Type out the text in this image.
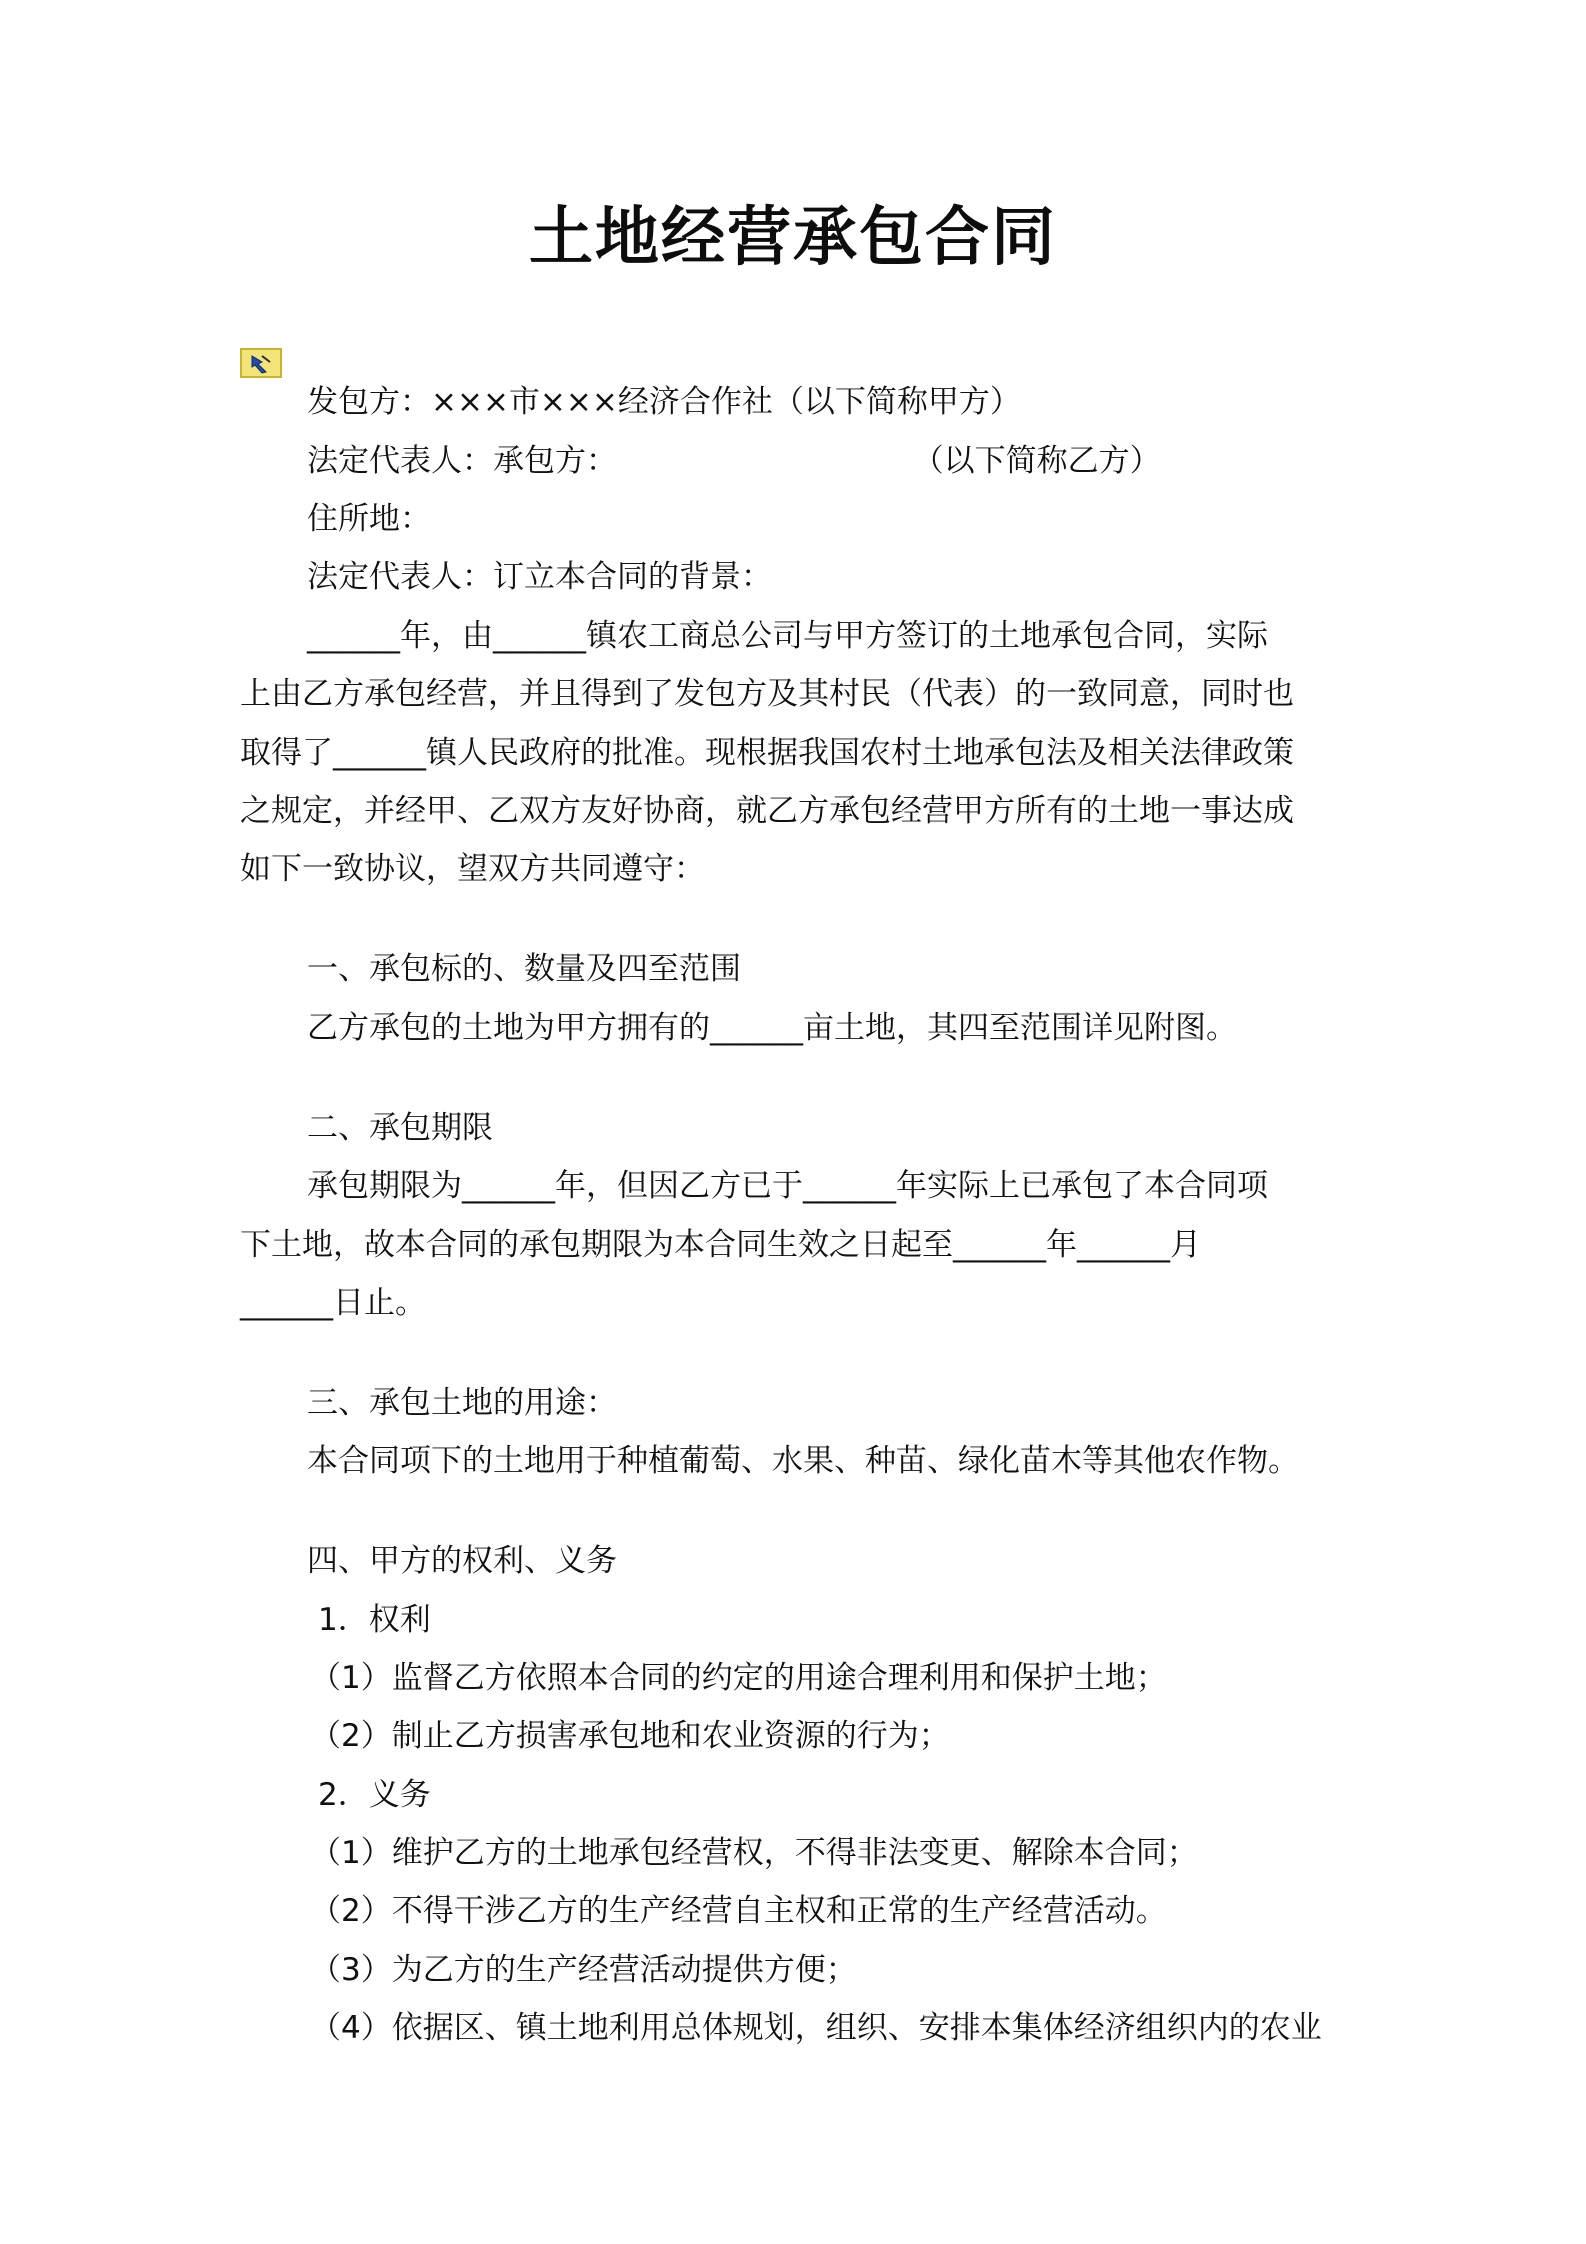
土地经营承包合同
发包方：×××市×××经济合作社（以下简称甲方）
法定代表人：承包方：                              （以下简称乙方）
住所地：
法定代表人：订立本合同的背景：
______年，由______镇农工商总公司与甲方签订的土地承包合同，实际
上由乙方承包经营，并且得到了发包方及其村民（代表）的一致同意，同时也
取得了______镇人民政府的批准。现根据我国农村土地承包法及相关法律政策
之规定，并经甲、乙双方友好协商，就乙方承包经营甲方所有的土地一事达成
如下一致协议，望双方共同遵守：
一、承包标的、数量及四至范围
乙方承包的土地为甲方拥有的______亩土地，其四至范围详见附图。
二、承包期限
承包期限为______年，但因乙方已于______年实际上已承包了本合同项
下土地，故本合同的承包期限为本合同生效之日起至______年______月
______日止。
三、承包土地的用途：
本合同项下的土地用于种植葡萄、水果、种苗、绿化苗木等其他农作物。
四、甲方的权利、义务
1．权利
（1）监督乙方依照本合同的约定的用途合理利用和保护土地；
（2）制止乙方损害承包地和农业资源的行为；
2．义务
（1）维护乙方的土地承包经营权，不得非法变更、解除本合同；
（2）不得干涉乙方的生产经营自主权和正常的生产经营活动。
（3）为乙方的生产经营活动提供方便；
（4）依据区、镇土地利用总体规划，组织、安排本集体经济组织内的农业
